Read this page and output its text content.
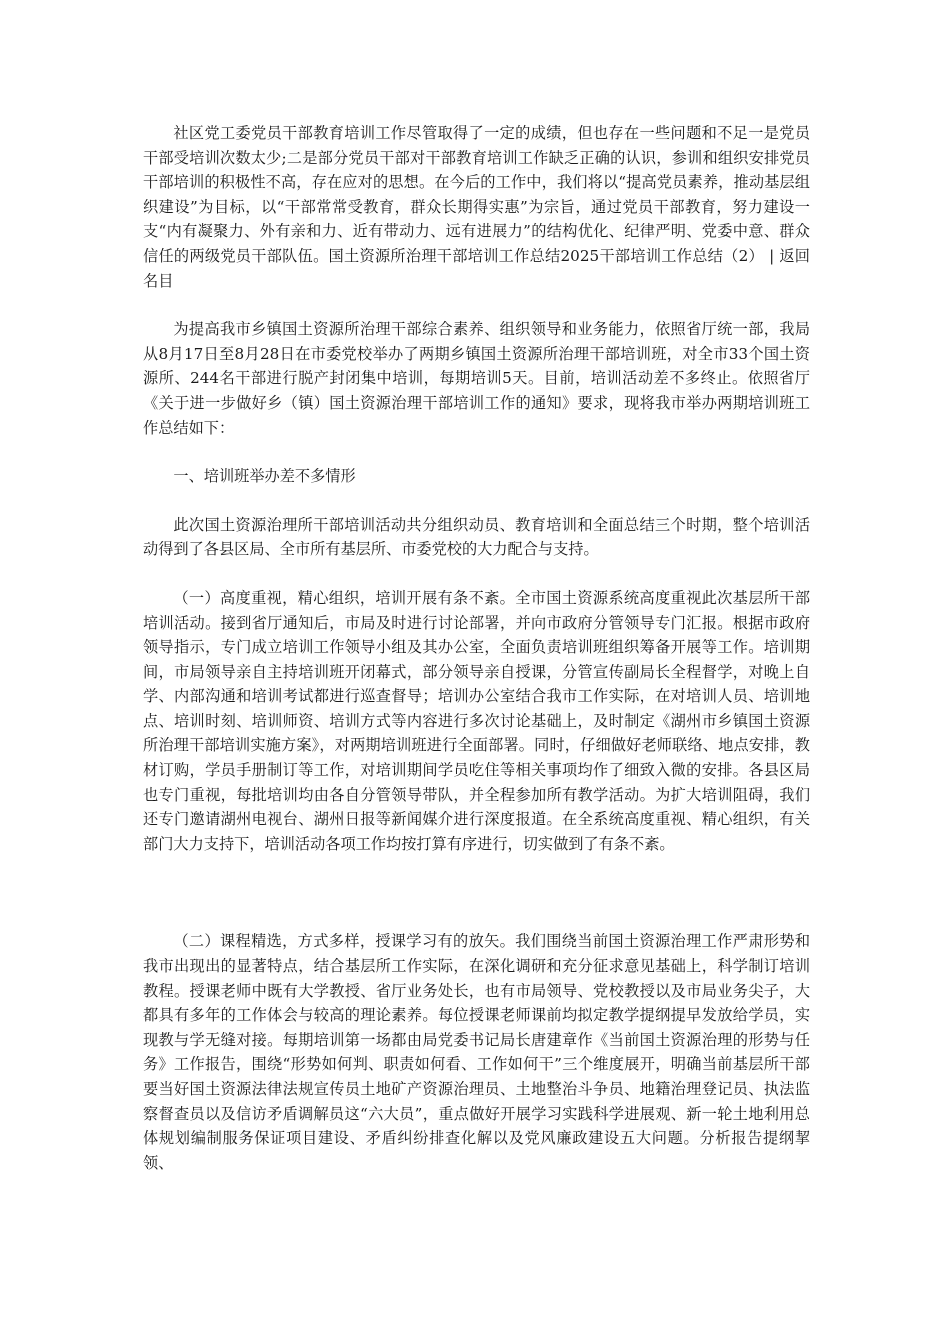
社区党工委党员干部教育培训工作尽管取得了一定的成绩，但也存在一些问题和不足一是党员干部受培训次数太少;二是部分党员干部对干部教育培训工作缺乏正确的认识，参训和组织安排党员干部培训的积极性不高，存在应对的思想。在今后的工作中，我们将以“提高党员素养，推动基层组织建设”为目标，以“干部常常受教育，群众长期得实惠”为宗旨，通过党员干部教育，努力建设一支“内有凝聚力、外有亲和力、近有带动力、远有进展力”的结构优化、纪律严明、党委中意、群众信任的两级党员干部队伍。国土资源所治理干部培训工作总结2025干部培训工作总结（2） | 返回名目

为提高我市乡镇国土资源所治理干部综合素养、组织领导和业务能力，依照省厅统一部，我局从8月17日至8月28日在市委党校举办了两期乡镇国土资源所治理干部培训班，对全市33个国土资源所、244名干部进行脱产封闭集中培训，每期培训5天。目前，培训活动差不多终止。依照省厅《关于进一步做好乡（镇）国土资源治理干部培训工作的通知》要求，现将我市举办两期培训班工作总结如下：

一、培训班举办差不多情形

此次国土资源治理所干部培训活动共分组织动员、教育培训和全面总结三个时期，整个培训活动得到了各县区局、全市所有基层所、市委党校的大力配合与支持。

（一）高度重视，精心组织，培训开展有条不紊。全市国土资源系统高度重视此次基层所干部培训活动。接到省厅通知后，市局及时进行讨论部署，并向市政府分管领导专门汇报。根据市政府领导指示，专门成立培训工作领导小组及其办公室，全面负责培训班组织筹备开展等工作。培训期间，市局领导亲自主持培训班开闭幕式，部分领导亲自授课，分管宣传副局长全程督学，对晚上自学、内部沟通和培训考试都进行巡查督导；培训办公室结合我市工作实际，在对培训人员、培训地点、培训时刻、培训师资、培训方式等内容进行多次讨论基础上，及时制定《湖州市乡镇国土资源所治理干部培训实施方案》，对两期培训班进行全面部署。同时，仔细做好老师联络、地点安排，教材订购，学员手册制订等工作，对培训期间学员吃住等相关事项均作了细致入微的安排。各县区局也专门重视，每批培训均由各自分管领导带队，并全程参加所有教学活动。为扩大培训阻碍，我们还专门邀请湖州电视台、湖州日报等新闻媒介进行深度报道。在全系统高度重视、精心组织，有关部门大力支持下，培训活动各项工作均按打算有序进行，切实做到了有条不紊。

（二）课程精选，方式多样，授课学习有的放矢。我们围绕当前国土资源治理工作严肃形势和我市出现出的显著特点，结合基层所工作实际，在深化调研和充分征求意见基础上，科学制订培训教程。授课老师中既有大学教授、省厅业务处长，也有市局领导、党校教授以及市局业务尖子，大都具有多年的工作体会与较高的理论素养。每位授课老师课前均拟定教学提纲提早发放给学员，实现教与学无缝对接。每期培训第一场都由局党委书记局长唐建章作《当前国土资源治理的形势与任务》工作报告，围绕“形势如何判、职责如何看、工作如何干”三个维度展开，明确当前基层所干部要当好国土资源法律法规宣传员土地矿产资源治理员、土地整治斗争员、地籍治理登记员、执法监察督查员以及信访矛盾调解员这“六大员”，重点做好开展学习实践科学进展观、新一轮土地利用总体规划编制服务保证项目建设、矛盾纠纷排查化解以及党风廉政建设五大问题。分析报告提纲挈领、
